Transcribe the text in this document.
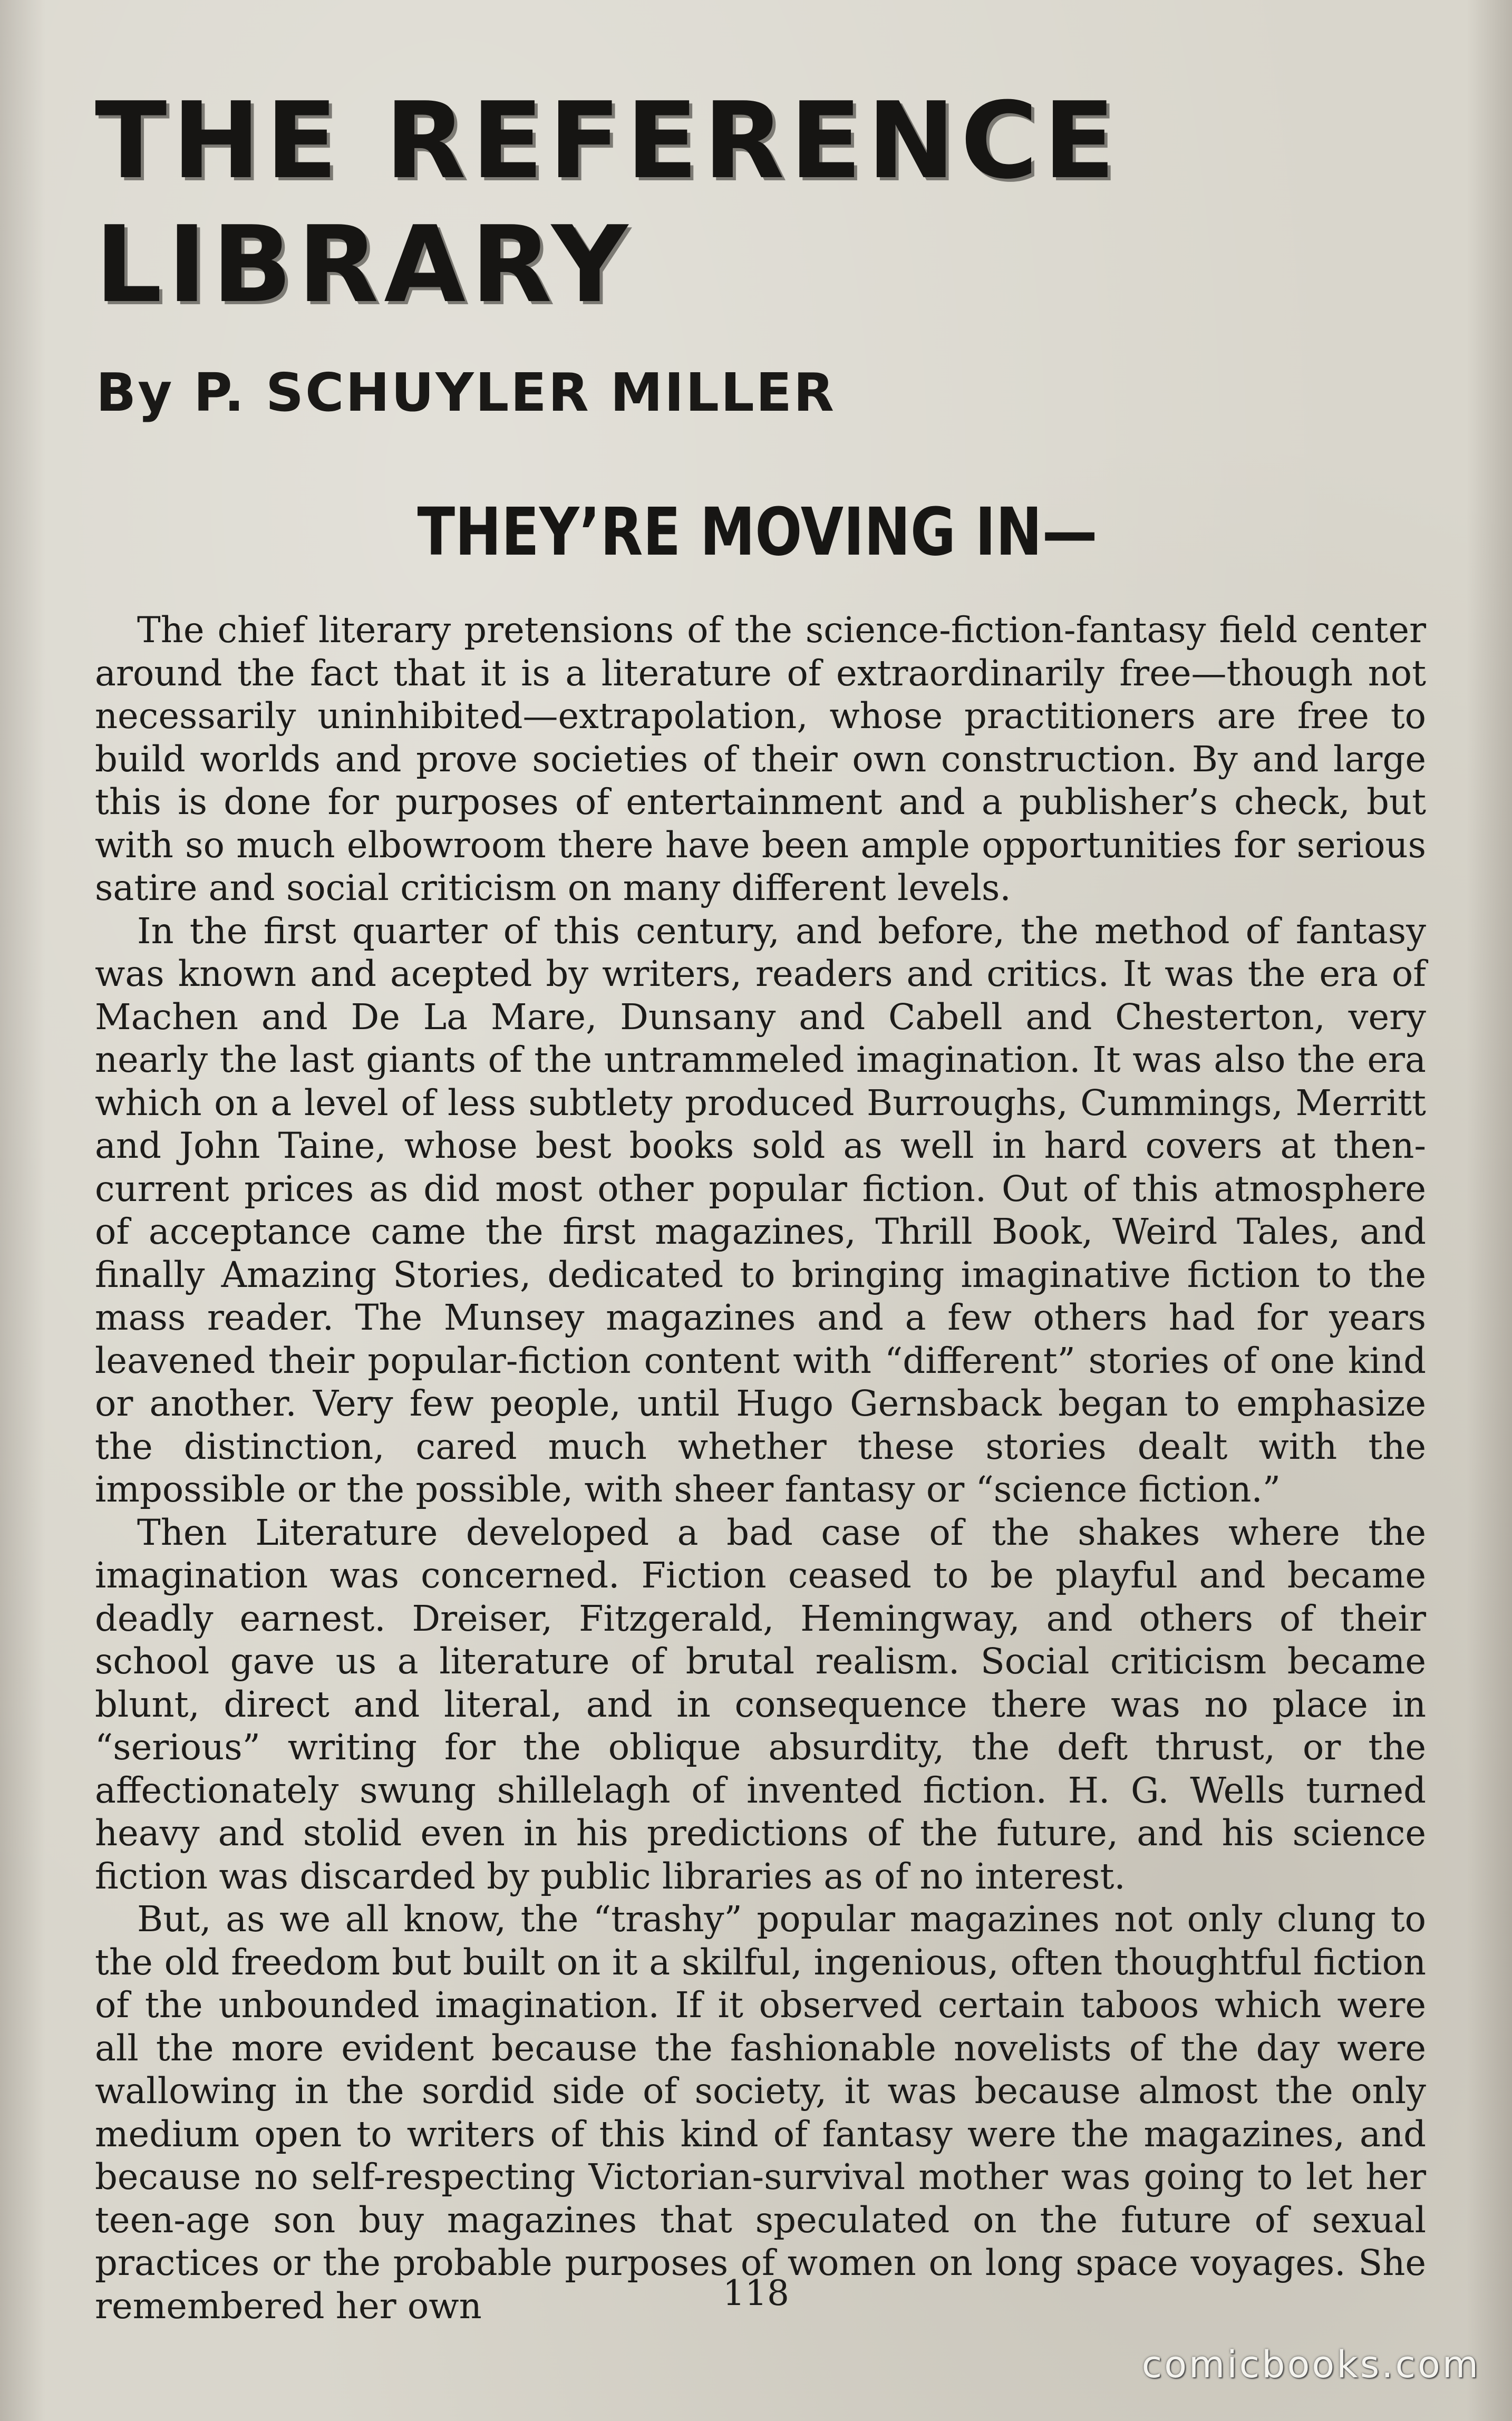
THE REFERENCE LIBRARY
By P. SCHUYLER MILLER
THEY’RE MOVING IN—

The chief literary pretensions of the science-fiction-fantasy field center around the fact that it is a literature of extraordinarily free—though not necessarily uninhibited—extrapolation, whose practitioners are free to build worlds and prove societies of their own construction. By and large this is done for purposes of entertainment and a publisher’s check, but with so much elbowroom there have been ample opportunities for serious satire and social criticism on many different levels.

In the first quarter of this century, and before, the method of fantasy was known and acepted by writers, readers and critics. It was the era of Machen and De La Mare, Dunsany and Cabell and Chesterton, very nearly the last giants of the untrammeled imagination. It was also the era which on a level of less subtlety produced Burroughs, Cummings, Merritt and John Taine, whose best books sold as well in hard covers at then-current prices as did most other popular fiction. Out of this atmosphere of acceptance came the first magazines, Thrill Book, Weird Tales, and finally Amazing Stories, dedicated to bringing imaginative fiction to the mass reader. The Munsey magazines and a few others had for years leavened their popular-fiction content with “different” stories of one kind or another. Very few people, until Hugo Gernsback began to emphasize the distinction, cared much whether these stories dealt with the impossible or the possible, with sheer fantasy or “science fiction.”

Then Literature developed a bad case of the shakes where the imagination was concerned. Fiction ceased to be playful and became deadly earnest. Dreiser, Fitzgerald, Hemingway, and others of their school gave us a literature of brutal realism. Social criticism became blunt, direct and literal, and in consequence there was no place in “serious” writing for the oblique absurdity, the deft thrust, or the affectionately swung shillelagh of invented fiction. H. G. Wells turned heavy and stolid even in his predictions of the future, and his science fiction was discarded by public libraries as of no interest.

But, as we all know, the “trashy” popular magazines not only clung to the old freedom but built on it a skilful, ingenious, often thoughtful fiction of the unbounded imagination. If it observed certain taboos which were all the more evident because the fashionable novelists of the day were wallowing in the sordid side of society, it was because almost the only medium open to writers of this kind of fantasy were the magazines, and because no self-respecting Victorian-survival mother was going to let her teen-age son buy magazines that speculated on the future of sexual practices or the probable purposes of women on long space voyages. She remembered her own	118
comicbooks.com
